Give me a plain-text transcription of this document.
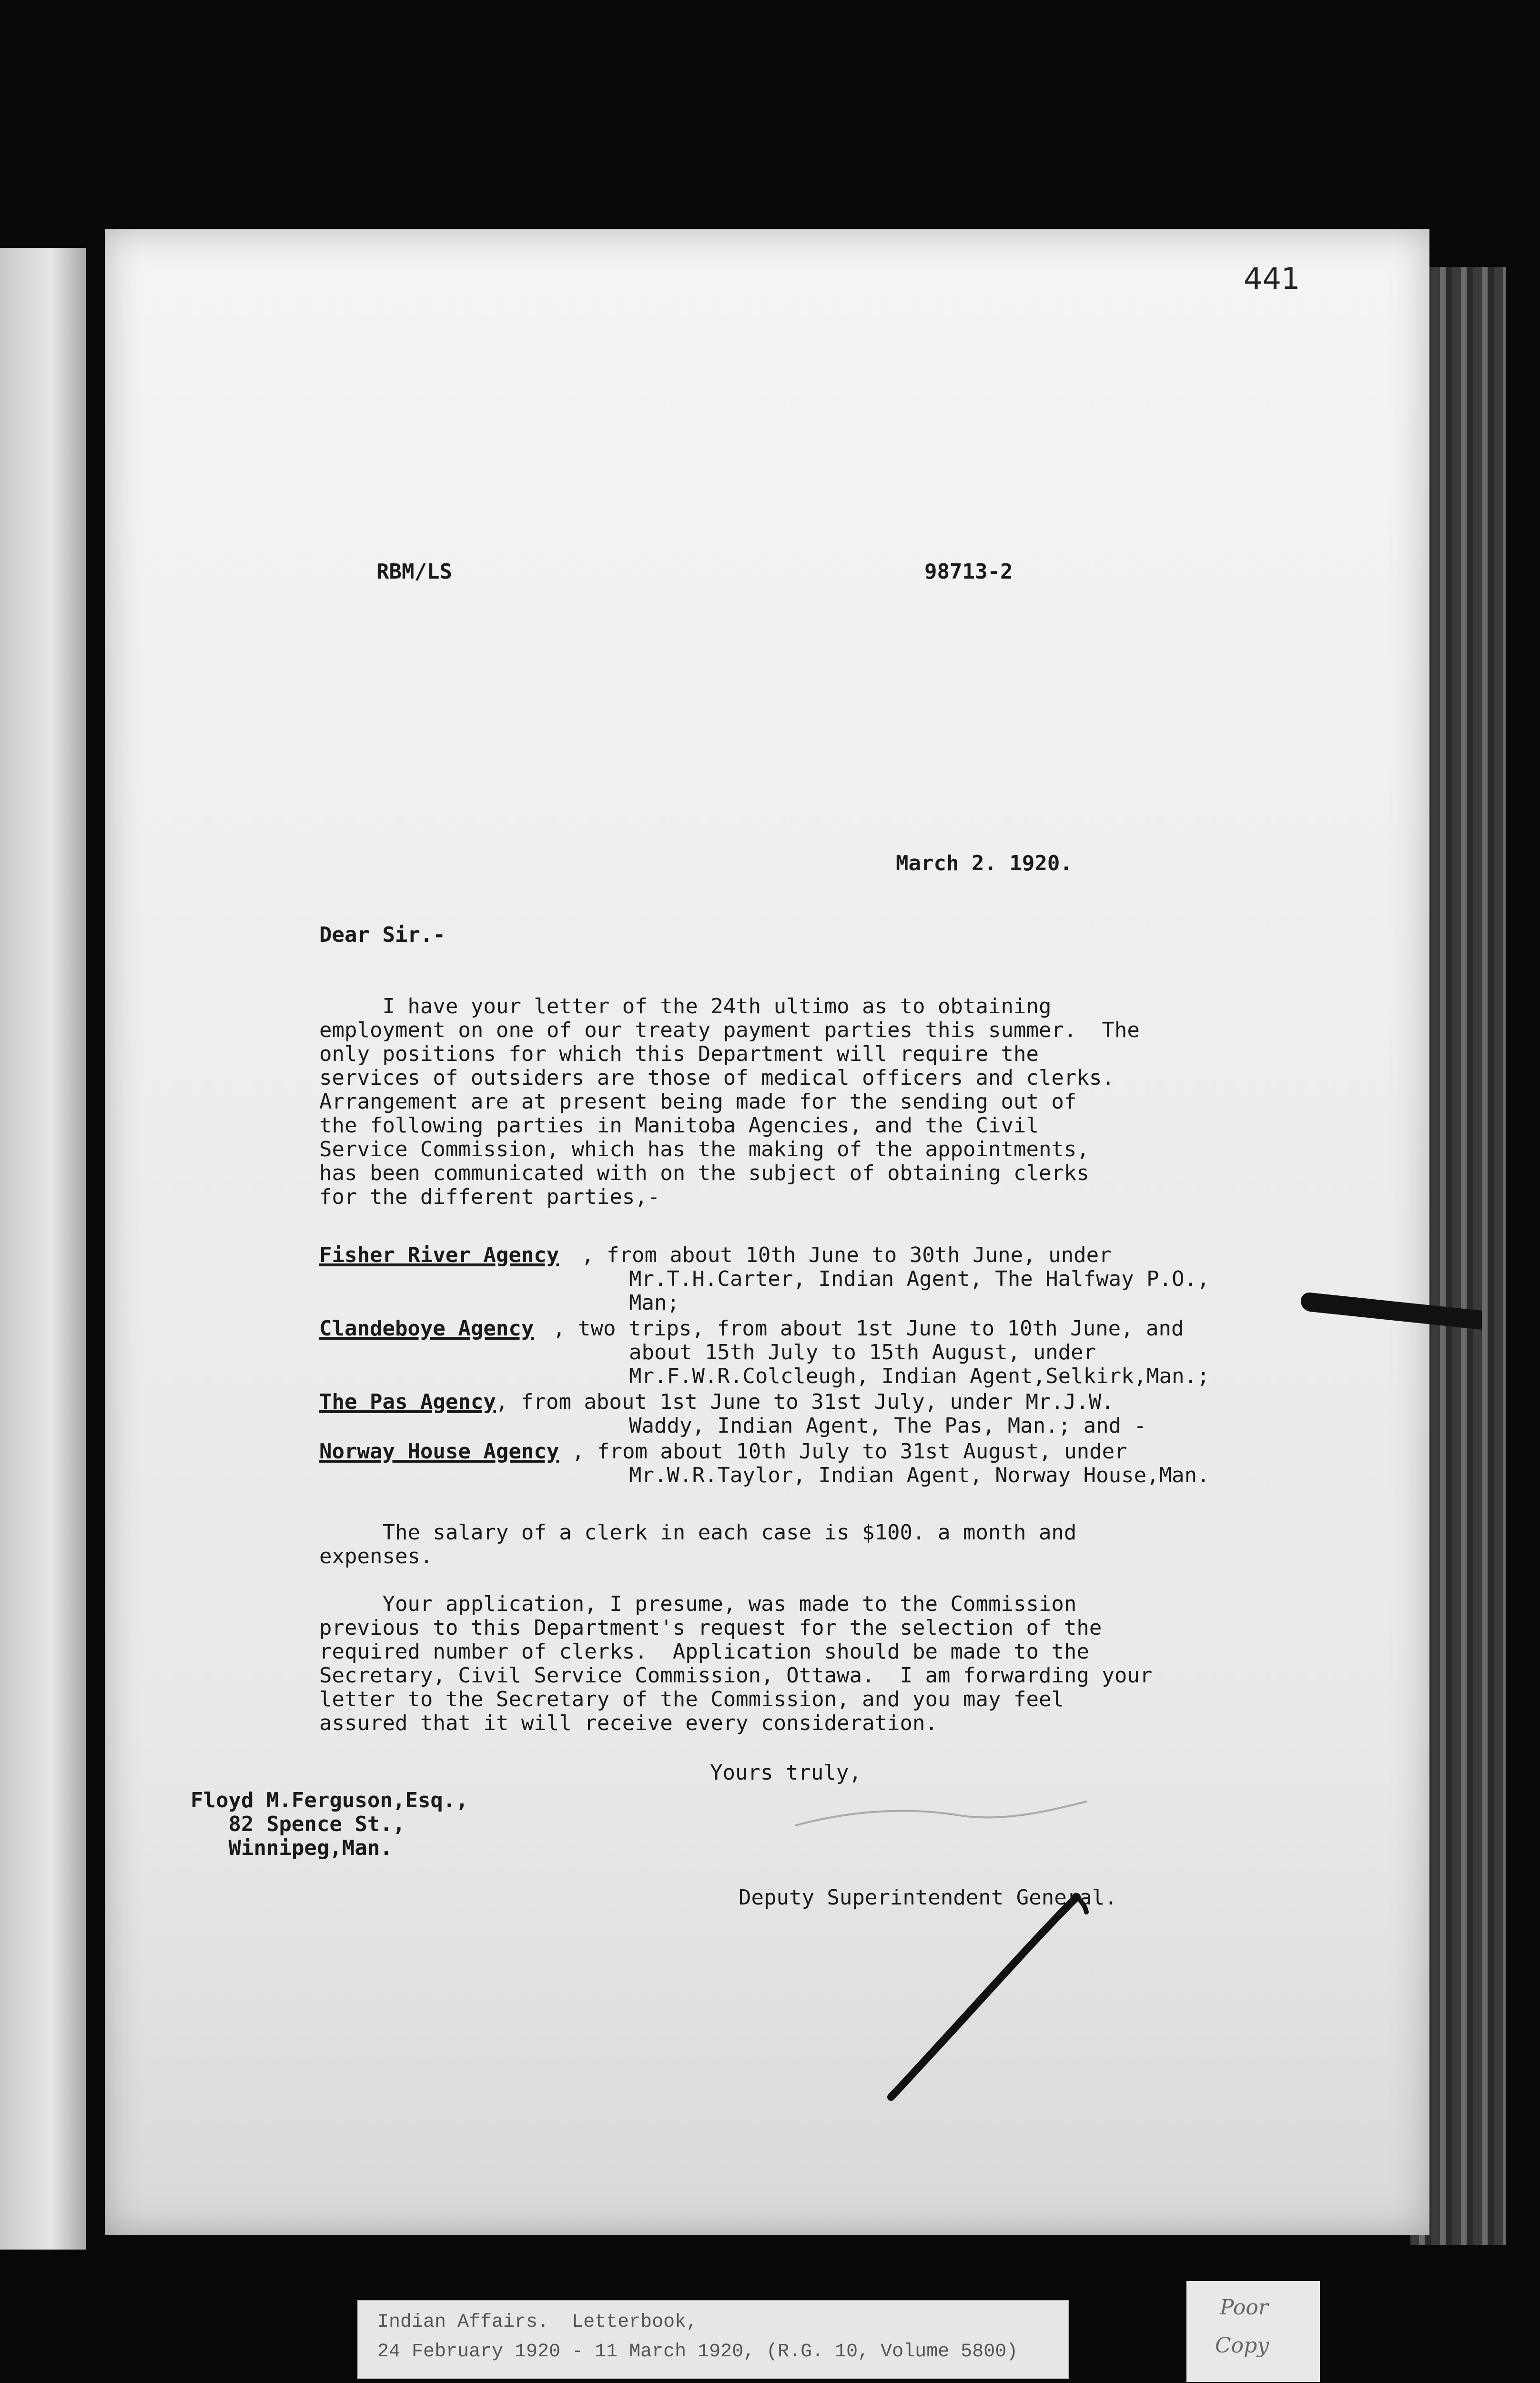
441
RBM/LS	98713-2
March 2. 1920.
Dear Sir.-
I have your letter of the 24th ultimo as to obtaining
employment on one of our treaty payment parties this summer.  The
only positions for which this Department will require the
services of outsiders are those of medical officers and clerks.
Arrangement are at present being made for the sending out of
the following parties in Manitoba Agencies, and the Civil
Service Commission, which has the making of the appointments,
has been communicated with on the subject of obtaining clerks
for the different parties,-
Fisher River Agency , from about 10th June to 30th June, under
Mr.T.H.Carter, Indian Agent, The Halfway P.O.,
Man;
Clandeboye Agency , two trips, from about 1st June to 10th June, and
about 15th July to 15th August, under
Mr.F.W.R.Colcleugh, Indian Agent,Selkirk,Man.;
The Pas Agency , from about 1st June to 31st July, under Mr.J.W.
Waddy, Indian Agent, The Pas, Man.; and -
Norway House Agency , from about 10th July to 31st August, under
Mr.W.R.Taylor, Indian Agent, Norway House,Man.
The salary of a clerk in each case is $100. a month and
expenses.
Your application, I presume, was made to the Commission
previous to this Department's request for the selection of the
required number of clerks.  Application should be made to the
Secretary, Civil Service Commission, Ottawa.  I am forwarding your
letter to the Secretary of the Commission, and you may feel
assured that it will receive every consideration.
Yours truly,
Floyd M.Ferguson,Esq.,
82 Spence St.,
Winnipeg,Man.
Deputy Superintendent General.
Indian Affairs.  Letterbook,
24 February 1920 - 11 March 1920, (R.G. 10, Volume 5800)
Poor
Copy
